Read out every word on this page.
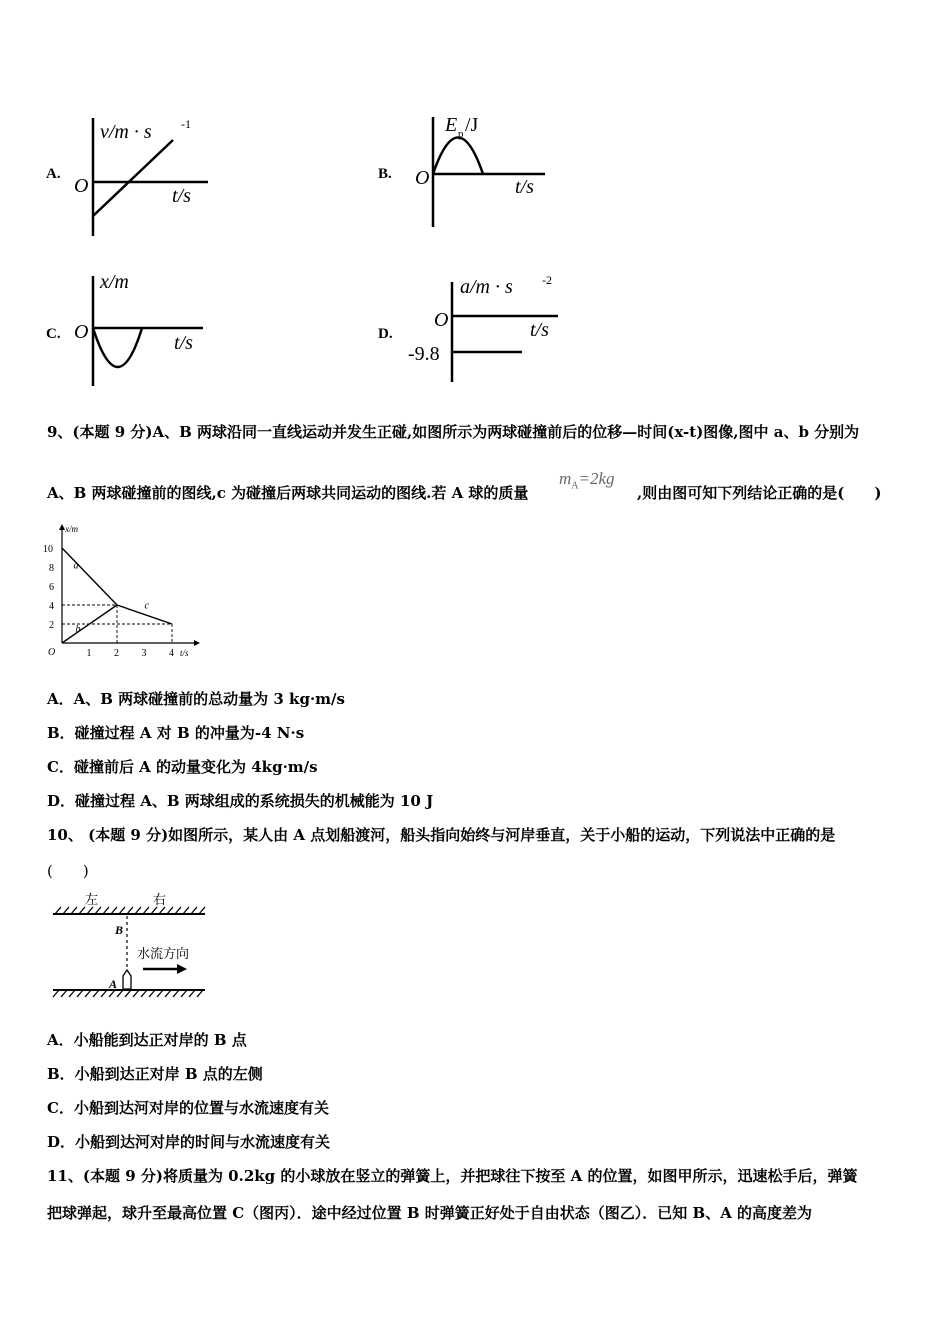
A.
v/m · s -1
O	t/s
B.
E p /J
O	t/s
C.
x/m
O	t/s	D.
a/m · s -2
O	t/s
-9.8
9、(本题 9 分)A、B 两球沿同一直线运动并发生正碰,如图所示为两球碰撞前后的位移—时间(x-t)图像,图中 a、b 分别为
A、B 两球碰撞前的图线,c 为碰撞后两球共同运动的图线.若 A 球的质量
$m_A=2kg$
,则由图可知下列结论正确的是(　　)
x/m
t/s
O	1 2 3 4
2
4
6
8
10
a
b
c
A．A、B 两球碰撞前的总动量为 3 kg·m/s
B．碰撞过程 A 对 B 的冲量为-4 N·s
C．碰撞前后 A 的动量变化为 4kg·m/s
D．碰撞过程 A、B 两球组成的系统损失的机械能为 10 J
10、 (本题 9 分)如图所示，某人由 A 点划船渡河，船头指向始终与河岸垂直，关于小船的运动，下列说法中正确的是
(　　)
左	右
B
A
水流方向
A．小船能到达正对岸的 B 点
B．小船到达正对岸 B 点的左侧
C．小船到达河对岸的位置与水流速度有关
D．小船到达河对岸的时间与水流速度有关
11、(本题 9 分)将质量为 0.2kg 的小球放在竖立的弹簧上，并把球往下按至 A 的位置，如图甲所示，迅速松手后，弹簧
把球弹起，球升至最高位置 C（图丙）．途中经过位置 B 时弹簧正好处于自由状态（图乙）．已知 B、A 的高度差为
